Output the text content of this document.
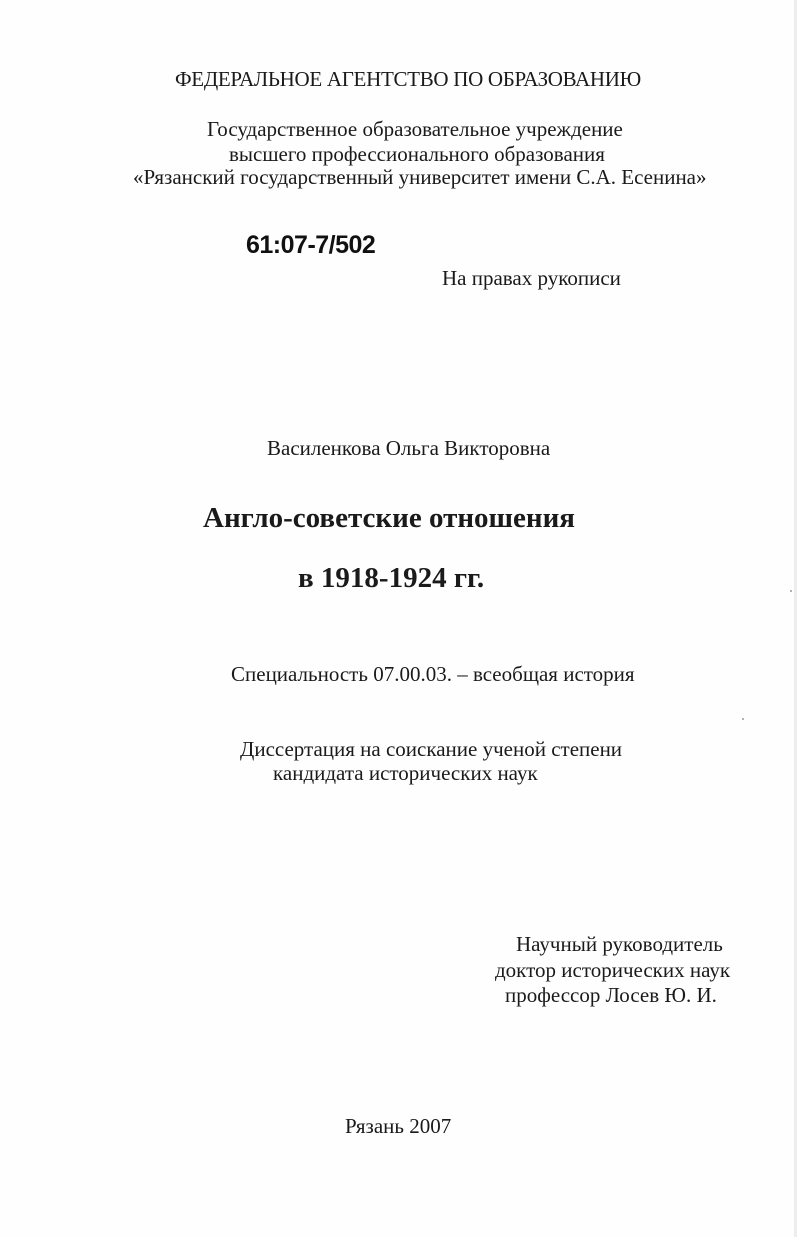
ФЕДЕРАЛЬНОЕ АГЕНТСТВО ПО ОБРАЗОВАНИЮ
Государственное образовательное учреждение
высшего профессионального образования
«Рязанский государственный университет имени С.А. Есенина»
61:07-7/502
На правах рукописи
Василенкова Ольга Викторовна
Англо-советские отношения
в 1918-1924 гг.
Специальность 07.00.03. – всеобщая история
Диссертация на соискание ученой степени
кандидата исторических наук
Научный руководитель
доктор исторических наук
профессор Лосев Ю. И.
Рязань 2007
